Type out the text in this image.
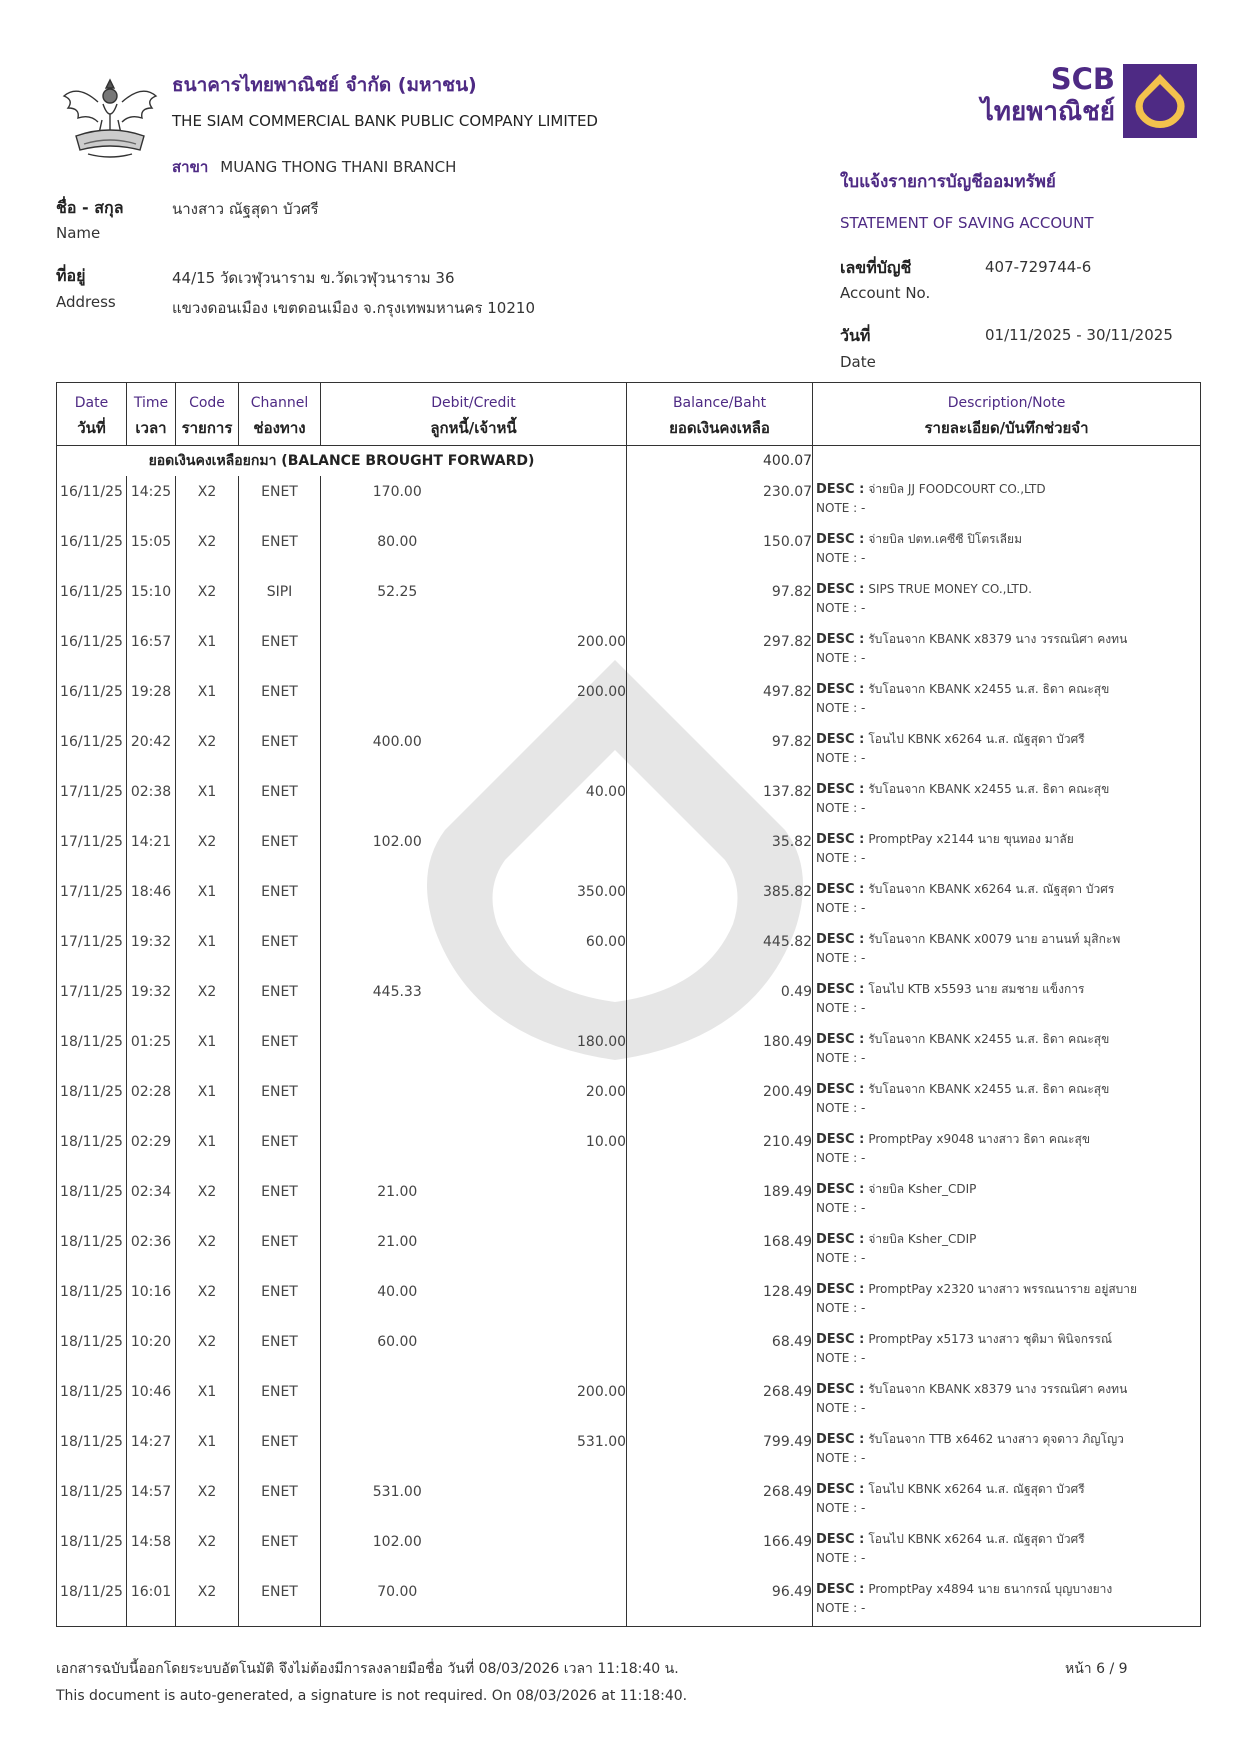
ธนาคารไทยพาณิชย์ จำกัด (มหาชน)
THE SIAM COMMERCIAL BANK PUBLIC COMPANY LIMITED
สาขา MUANG THONG THANI BRANCH
ชื่อ - สกุล
Name
นางสาว ณัฐสุดา บัวศรี
ที่อยู่
Address
44/15 วัดเวฬุวนาราม ข.วัดเวฬุวนาราม 36
แขวงดอนเมือง เขตดอนเมือง จ.กรุงเทพมหานคร 10210
SCB
ไทยพาณิชย์
ใบแจ้งรายการบัญชีออมทรัพย์
STATEMENT OF SAVING ACCOUNT
เลขที่บัญชี
Account No.
407-729744-6
วันที่
Date
01/11/2025 - 30/11/2025
Date	Time	Code	Channel	Debit/Credit		Balance/Baht	Description/Note
วันที่	เวลา	รายการ	ช่องทาง	ลูกหนี้/เจ้าหนี้		ยอดเงินคงเหลือ	รายละเอียด/บันทึกช่วยจำ
ยอดเงินคงเหลือยกมา (BALANCE BROUGHT FORWARD)						400.07	
16/11/25	14:25	X2	ENET	170.00		230.07	DESC : จ่ายบิล JJ FOODCOURT CO.,LTD
NOTE : -

16/11/25	15:05	X2	ENET	80.00		150.07	DESC : จ่ายบิล ปตท.เคซีซี ปิโตรเลียม
NOTE : -

16/11/25	15:10	X2	SIPI	52.25		97.82	DESC : SIPS TRUE MONEY CO.,LTD.
NOTE : -

16/11/25	16:57	X1	ENET		200.00	297.82	DESC : รับโอนจาก KBANK x8379 นาง วรรณนิศา คงทน
NOTE : -

16/11/25	19:28	X1	ENET		200.00	497.82	DESC : รับโอนจาก KBANK x2455 น.ส. ธิดา คณะสุข
NOTE : -

16/11/25	20:42	X2	ENET	400.00		97.82	DESC : โอนไป KBNK x6264 น.ส. ณัฐสุดา บัวศรี
NOTE : -

17/11/25	02:38	X1	ENET		40.00	137.82	DESC : รับโอนจาก KBANK x2455 น.ส. ธิดา คณะสุข
NOTE : -

17/11/25	14:21	X2	ENET	102.00		35.82	DESC : PromptPay x2144 นาย ขุนทอง มาลัย
NOTE : -

17/11/25	18:46	X1	ENET		350.00	385.82	DESC : รับโอนจาก KBANK x6264 น.ส. ณัฐสุดา บัวศร
NOTE : -

17/11/25	19:32	X1	ENET		60.00	445.82	DESC : รับโอนจาก KBANK x0079 นาย อานนท์ มุสิกะพ
NOTE : -

17/11/25	19:32	X2	ENET	445.33		0.49	DESC : โอนไป KTB x5593 นาย สมชาย แข็งการ
NOTE : -

18/11/25	01:25	X1	ENET		180.00	180.49	DESC : รับโอนจาก KBANK x2455 น.ส. ธิดา คณะสุข
NOTE : -

18/11/25	02:28	X1	ENET		20.00	200.49	DESC : รับโอนจาก KBANK x2455 น.ส. ธิดา คณะสุข
NOTE : -

18/11/25	02:29	X1	ENET		10.00	210.49	DESC : PromptPay x9048 นางสาว ธิดา คณะสุข
NOTE : -

18/11/25	02:34	X2	ENET	21.00		189.49	DESC : จ่ายบิล Ksher_CDIP
NOTE : -

18/11/25	02:36	X2	ENET	21.00		168.49	DESC : จ่ายบิล Ksher_CDIP
NOTE : -

18/11/25	10:16	X2	ENET	40.00		128.49	DESC : PromptPay x2320 นางสาว พรรณนาราย อยู่สบาย
NOTE : -

18/11/25	10:20	X2	ENET	60.00		68.49	DESC : PromptPay x5173 นางสาว ชุติมา พินิจกรรณ์
NOTE : -

18/11/25	10:46	X1	ENET		200.00	268.49	DESC : รับโอนจาก KBANK x8379 นาง วรรณนิศา คงทน
NOTE : -

18/11/25	14:27	X1	ENET		531.00	799.49	DESC : รับโอนจาก TTB x6462 นางสาว ดุจดาว ภิญโญว
NOTE : -

18/11/25	14:57	X2	ENET	531.00		268.49	DESC : โอนไป KBNK x6264 น.ส. ณัฐสุดา บัวศรี
NOTE : -

18/11/25	14:58	X2	ENET	102.00		166.49	DESC : โอนไป KBNK x6264 น.ส. ณัฐสุดา บัวศรี
NOTE : -

18/11/25	16:01	X2	ENET	70.00		96.49	DESC : PromptPay x4894 นาย ธนากรณ์ บุญบางยาง
NOTE : -
เอกสารฉบับนี้ออกโดยระบบอัตโนมัติ จึงไม่ต้องมีการลงลายมือชื่อ วันที่ 08/03/2026 เวลา 11:18:40 น.
This document is auto-generated, a signature is not required. On 08/03/2026 at 11:18:40.
หน้า 6 / 9
